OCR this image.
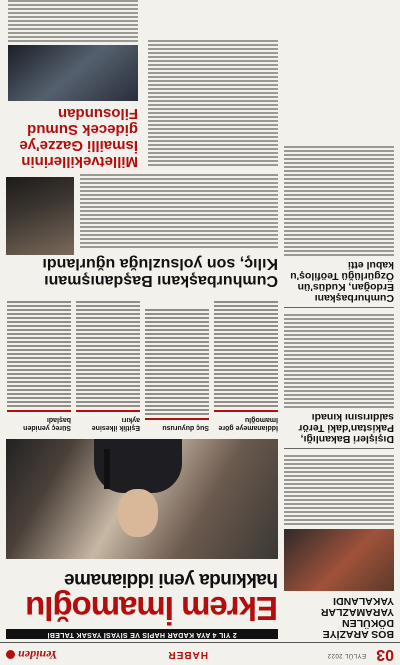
03
EYLÜL 2022
HABER
Yeniden
BOS ARAZİYE DÖKÜLEN YARAMAZLAR YAKALANDI
Dışişleri Bakanlığı, Pakistan'daki Terör saldırısını kınadı
Cumhurbaşkanı Erdoğan, Kudüs'ün Özgürlüğü Teöfiloş'u kabul etti
2 YIL 4 AYA KADAR HAPİS VE SİYASİ YASAK TALEBİ
Ekrem İmamoğlu
hakkında yeni iddianame
İddianameye göre İmamoğlu
Suç duyurusu
Eşitlik ilkesine aykırı
Süreç yeniden başladı
Cumhurbaşkanı Başdanışmanı Kılıç, son yolsuzluğa uğurlandı
Milletvekillerinin İsmailli Gazze'ye gidecek Sumud Filosundan
